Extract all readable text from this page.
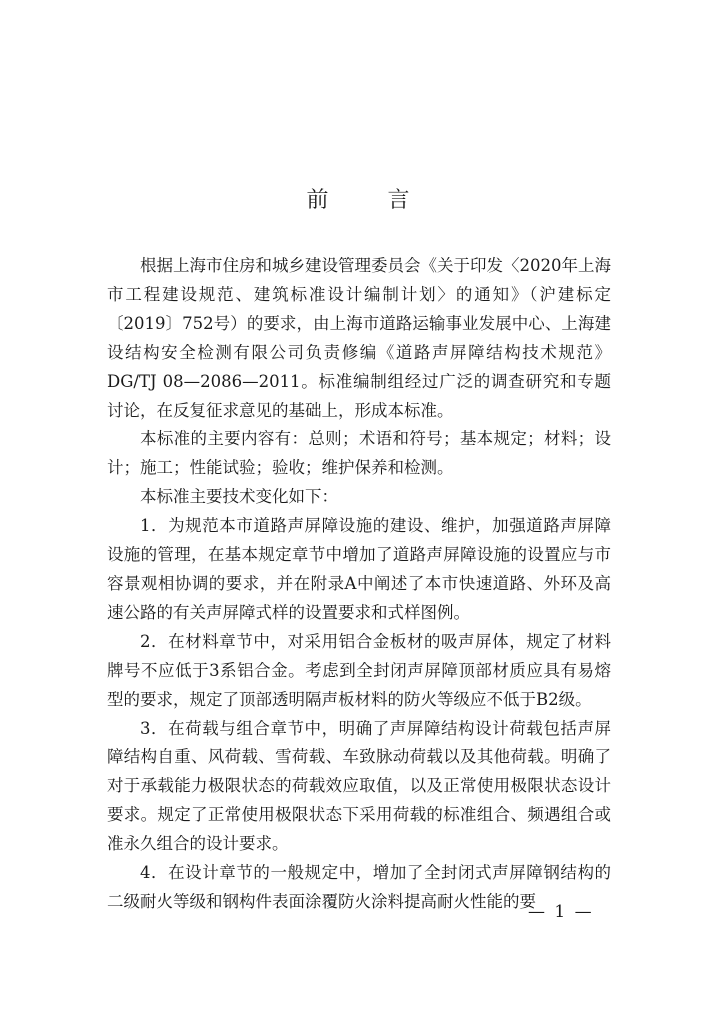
前 言

根据上海市住房和城乡建设管理委员会《关于印发〈2020年上海市工程建设规范、建筑标准设计编制计划〉的通知》（沪建标定〔2019〕752号）的要求，由上海市道路运输事业发展中心、上海建设结构安全检测有限公司负责修编《道路声屏障结构技术规范》DG/TJ 08—2086—2011。标准编制组经过广泛的调查研究和专题讨论，在反复征求意见的基础上，形成本标准。

本标准的主要内容有：总则；术语和符号；基本规定；材料；设计；施工；性能试验；验收；维护保养和检测。

本标准主要技术变化如下：

1．为规范本市道路声屏障设施的建设、维护，加强道路声屏障设施的管理，在基本规定章节中增加了道路声屏障设施的设置应与市容景观相协调的要求，并在附录A中阐述了本市快速道路、外环及高速公路的有关声屏障式样的设置要求和式样图例。

2．在材料章节中，对采用铝合金板材的吸声屏体，规定了材料牌号不应低于3系铝合金。考虑到全封闭声屏障顶部材质应具有易熔型的要求，规定了顶部透明隔声板材料的防火等级应不低于B2级。

3．在荷载与组合章节中，明确了声屏障结构设计荷载包括声屏障结构自重、风荷载、雪荷载、车致脉动荷载以及其他荷载。明确了对于承载能力极限状态的荷载效应取值，以及正常使用极限状态设计要求。规定了正常使用极限状态下采用荷载的标准组合、频遇组合或准永久组合的设计要求。

4．在设计章节的一般规定中，增加了全封闭式声屏障钢结构的二级耐火等级和钢构件表面涂覆防火涂料提高耐火性能的要

— 1 —
